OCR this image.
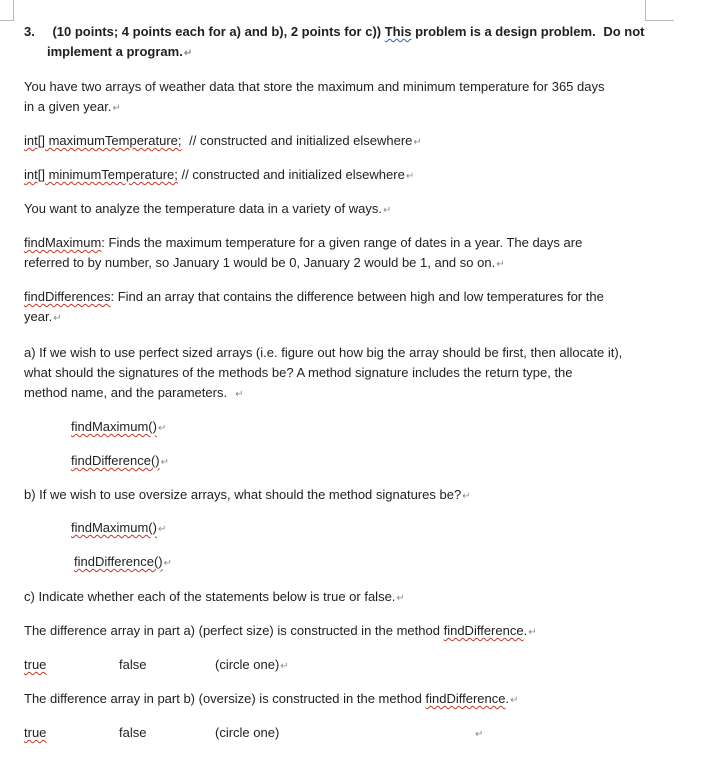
3. (10 points; 4 points each for a) and b), 2 points for c)) This problem is a design problem. Do not
implement a program.↵
You have two arrays of weather data that store the maximum and minimum temperature for 365 days
in a given year.↵
int[] maximumTemperature; // constructed and initialized elsewhere↵
int[] minimumTemperature; // constructed and initialized elsewhere↵
You want to analyze the temperature data in a variety of ways.↵
findMaximum: Finds the maximum temperature for a given range of dates in a year. The days are
referred to by number, so January 1 would be 0, January 2 would be 1, and so on.↵
findDifferences: Find an array that contains the difference between high and low temperatures for the
year.↵
a) If we wish to use perfect sized arrays (i.e. figure out how big the array should be first, then allocate it),
what should the signatures of the methods be? A method signature includes the return type, the
method name, and the parameters. ↵
findMaximum()↵
findDifference()↵
b) If we wish to use oversize arrays, what should the method signatures be?↵
findMaximum()↵
findDifference()↵
c) Indicate whether each of the statements below is true or false.↵
The difference array in part a) (perfect size) is constructed in the method findDifference.↵
true	false	(circle one)↵
The difference array in part b) (oversize) is constructed in the method findDifference.↵
true	false	(circle one)	↵
